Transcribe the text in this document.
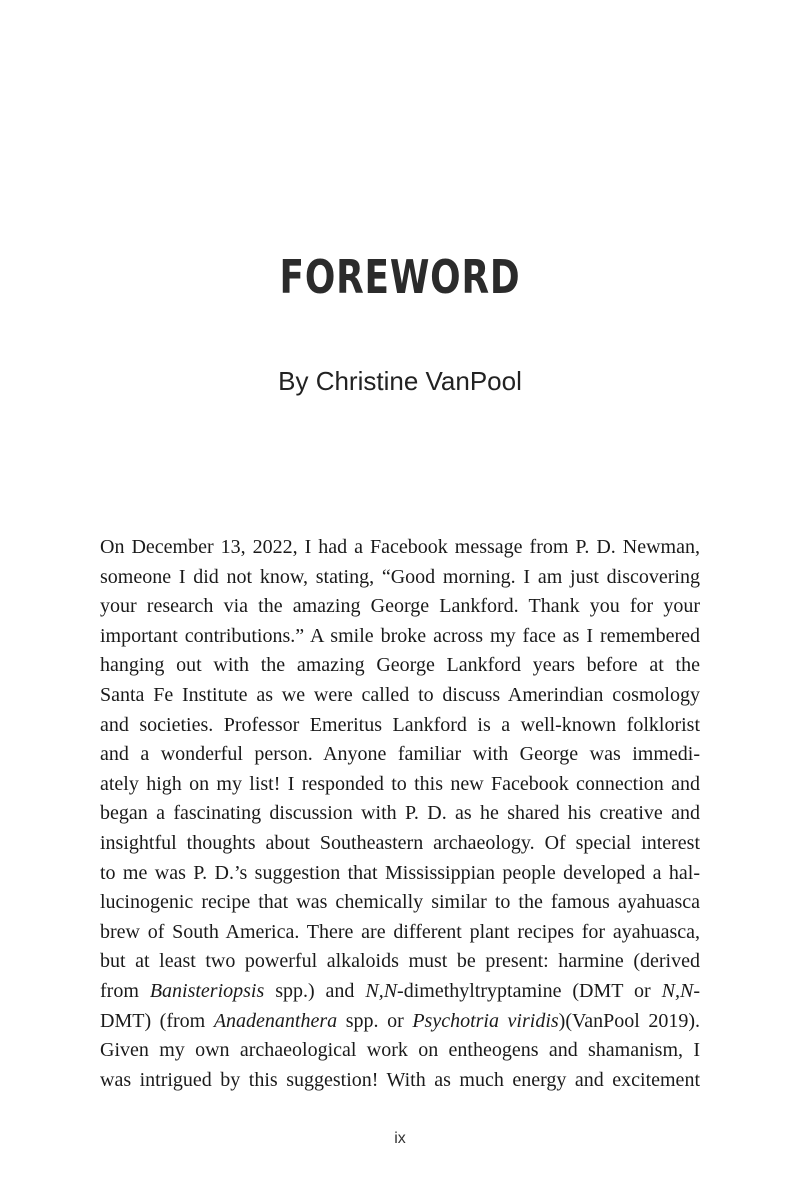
FOREWORD
By Christine VanPool
On December 13, 2022, I had a Facebook message from P. D. Newman,
someone I did not know, stating, “Good morning. I am just discovering
your research via the amazing George Lankford. Thank you for your
important contributions.” A smile broke across my face as I remembered
hanging out with the amazing George Lankford years before at the
Santa Fe Institute as we were called to discuss Amerindian cosmology
and societies. Professor Emeritus Lankford is a well-known folklorist
and a wonderful person. Anyone familiar with George was immedi-
ately high on my list! I responded to this new Facebook connection and
began a fascinating discussion with P. D. as he shared his creative and
insightful thoughts about Southeastern archaeology. Of special interest
to me was P. D.’s suggestion that Mississippian people developed a hal-
lucinogenic recipe that was chemically similar to the famous ayahuasca
brew of South America. There are different plant recipes for ayahuasca,
but at least two powerful alkaloids must be present: harmine (derived
from Banisteriopsis spp.) and N,N-dimethyltryptamine (DMT or N,N-
DMT) (from Anadenanthera spp. or Psychotria viridis)(VanPool 2019).
Given my own archaeological work on entheogens and shamanism, I
was intrigued by this suggestion! With as much energy and excitement
ix
